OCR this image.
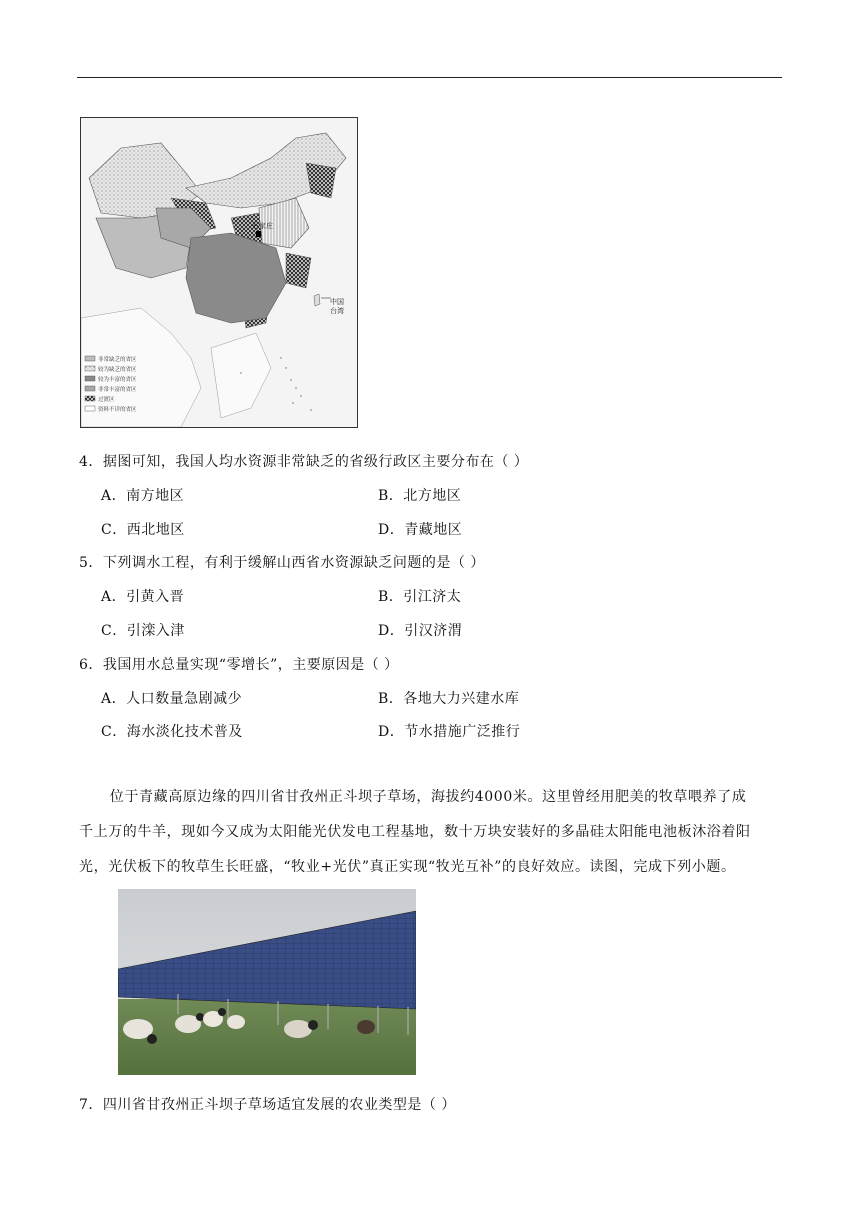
石家庄
中国
台湾
非常缺乏的省区
较为缺乏的省区
较为丰富的省区
非常丰富的省区
过渡区
资料不详的省区
4．据图可知，我国人均水资源非常缺乏的省级行政区主要分布在（ ）
A．南方地区	B．北方地区
C．西北地区	D．青藏地区
5．下列调水工程，有利于缓解山西省水资源缺乏问题的是（ ）
A．引黄入晋	B．引江济太
C．引滦入津	D．引汉济渭
6．我国用水总量实现“零增长”，主要原因是（ ）
A．人口数量急剧减少	B．各地大力兴建水库
C．海水淡化技术普及	D．节水措施广泛推行

位于青藏高原边缘的四川省甘孜州正斗坝子草场，海拔约4000米。这里曾经用肥美的牧草喂养了成

千上万的牛羊，现如今又成为太阳能光伏发电工程基地，数十万块安装好的多晶硅太阳能电池板沐浴着阳

光，光伏板下的牧草生长旺盛，“牧业+光伏”真正实现“牧光互补”的良好效应。读图，完成下列小题。

7．四川省甘孜州正斗坝子草场适宜发展的农业类型是（ ）
